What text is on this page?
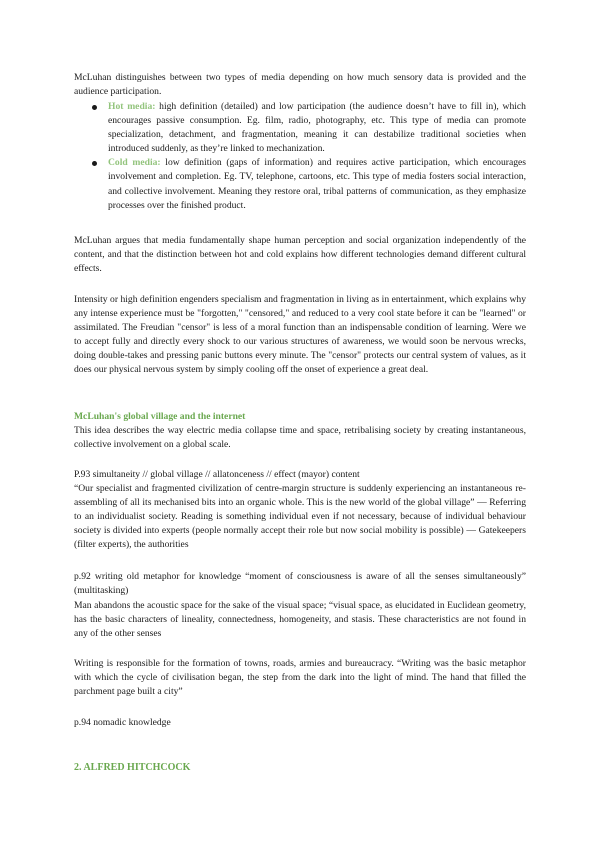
McLuhan distinguishes between two types of media depending on how much sensory data is provided and the audience participation.

Hot media: high definition (detailed) and low participation (the audience doesn’t have to fill in), which encourages passive consumption. Eg. film, radio, photography, etc. This type of media can promote specialization, detachment, and fragmentation, meaning it can destabilize traditional societies when introduced suddenly, as they’re linked to mechanization.
Cold media: low definition (gaps of information) and requires active participation, which encourages involvement and completion. Eg. TV, telephone, cartoons, etc. This type of media fosters social interaction, and collective involvement. Meaning they restore oral, tribal patterns of communication, as they emphasize processes over the finished product.

McLuhan argues that media fundamentally shape human perception and social organization independently of the content, and that the distinction between hot and cold explains how different technologies demand different cultural effects.

Intensity or high definition engenders specialism and fragmentation in living as in entertainment, which explains why any intense experience must be "forgotten," "censored," and reduced to a very cool state before it can be "learned" or assimilated. The Freudian "censor" is less of a moral function than an indispensable condition of learning. Were we to accept fully and directly every shock to our various structures of awareness, we would soon be nervous wrecks, doing double-takes and pressing panic buttons every minute. The "censor" protects our central system of values, as it does our physical nervous system by simply cooling off the onset of experience a great deal.

McLuhan's global village and the internet

This idea describes the way electric media collapse time and space, retribalising society by creating instantaneous, collective involvement on a global scale.

P.93 simultaneity // global village // allatonceness // effect (mayor) content

“Our specialist and fragmented civilization of centre-margin structure is suddenly experiencing an instantaneous re-assembling of all its mechanised bits into an organic whole. This is the new world of the global village” — Referring to an individualist society. Reading is something individual even if not necessary, because of individual behaviour society is divided into experts (people normally accept their role but now social mobility is possible) — Gatekeepers (filter experts), the authorities

p.92 writing old metaphor for knowledge “moment of consciousness is aware of all the senses simultaneously” (multitasking)

Man abandons the acoustic space for the sake of the visual space; “visual space, as elucidated in Euclidean geometry, has the basic characters of lineality, connectedness, homogeneity, and stasis. These characteristics are not found in any of the other senses

Writing is responsible for the formation of towns, roads, armies and bureaucracy. “Writing was the basic metaphor with which the cycle of civilisation began, the step from the dark into the light of mind. The hand that filled the parchment page built a city”

p.94 nomadic knowledge

2. ALFRED HITCHCOCK
